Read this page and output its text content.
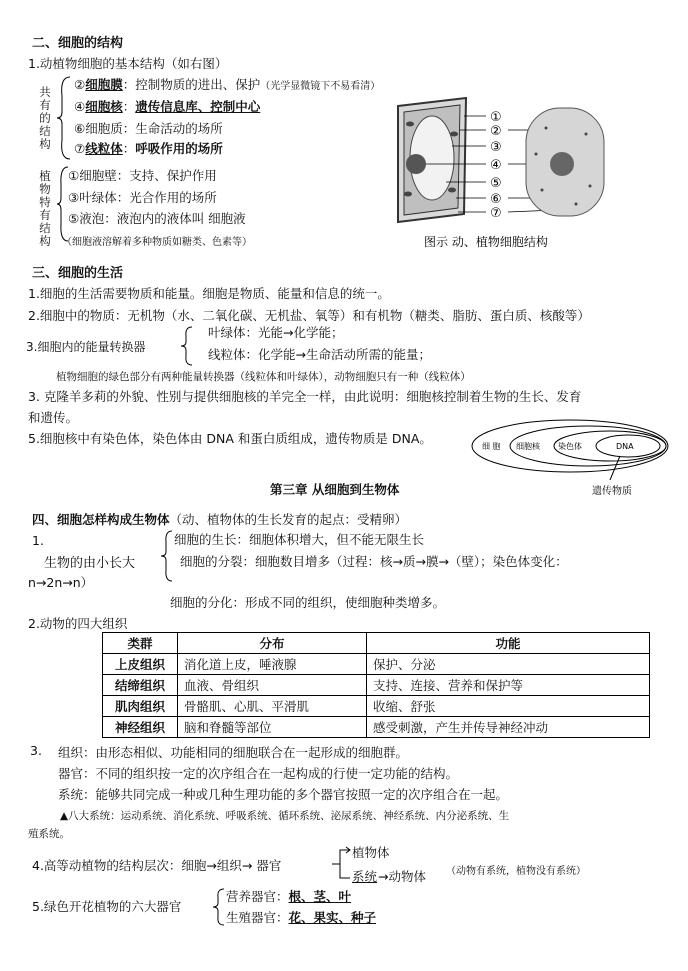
二、细胞的结构
1.动植物细胞的基本结构（如右图）
共有的结构
②细胞膜：控制物质的进出、保护（光学显微镜下不易看清）
④细胞核：遗传信息库、控制中心
⑥细胞质：生命活动的场所
⑦线粒体：呼吸作用的场所
植物特有结构
①细胞壁：支持、保护作用
③叶绿体：光合作用的场所
⑤液泡：液泡内的液体叫 细胞液
（细胞液溶解着多种物质如糖类、色素等）
①
②
③
④
⑤
⑥
⑦
图示 动、植物细胞结构
三、细胞的生活
1.细胞的生活需要物质和能量。细胞是物质、能量和信息的统一。
2.细胞中的物质：无机物（水、二氧化碳、无机盐、氧等）和有机物（糖类、脂肪、蛋白质、核酸等）
3.细胞内的能量转换器
叶绿体：光能→化学能；
线粒体：化学能→生命活动所需的能量；
植物细胞的绿色部分有两种能量转换器（线粒体和叶绿体），动物细胞只有一种（线粒体）
3. 克隆羊多莉的外貌、性别与提供细胞核的羊完全一样，由此说明：细胞核控制着生物的生长、发育
和遗传。
5.细胞核中有染色体，染色体由 DNA 和蛋白质组成，遗传物质是 DNA。
细 胞 细胞核 染色体	DNA
遗传物质
第三章 从细胞到生物体
四、细胞怎样构成生物体（动、植物体的生长发育的起点：受精卵）
1.
生物的由小长大
细胞的生长：细胞体积增大，但不能无限生长
细胞的分裂：细胞数目增多（过程：核→质→膜→（壁）；染色体变化：
n→2n→n）
细胞的分化：形成不同的组织，使细胞种类增多。
2.动物的四大组织
类群	分布	功能
上皮组织	消化道上皮，唾液腺	保护、分泌
结缔组织	血液、骨组织	支持、连接、营养和保护等
肌肉组织	骨骼肌、心肌、平滑肌	收缩、舒张
神经组织	脑和脊髓等部位	感受刺激，产生并传导神经冲动
3. 组织：由形态相似、功能相同的细胞联合在一起形成的细胞群。
器官：不同的组织按一定的次序组合在一起构成的行使一定功能的结构。
系统：能够共同完成一种或几种生理功能的多个器官按照一定的次序组合在一起。
▲八大系统：运动系统、消化系统、呼吸系统、循环系统、泌尿系统、神经系统、内分泌系统、生
殖系统。
4.高等动植物的结构层次：细胞→组织→ 器官
植物体
系统 →动物体 （动物有系统，植物没有系统）
5.绿色开花植物的六大器官
营养器官：根、茎、叶
生殖器官：花、果实、种子
